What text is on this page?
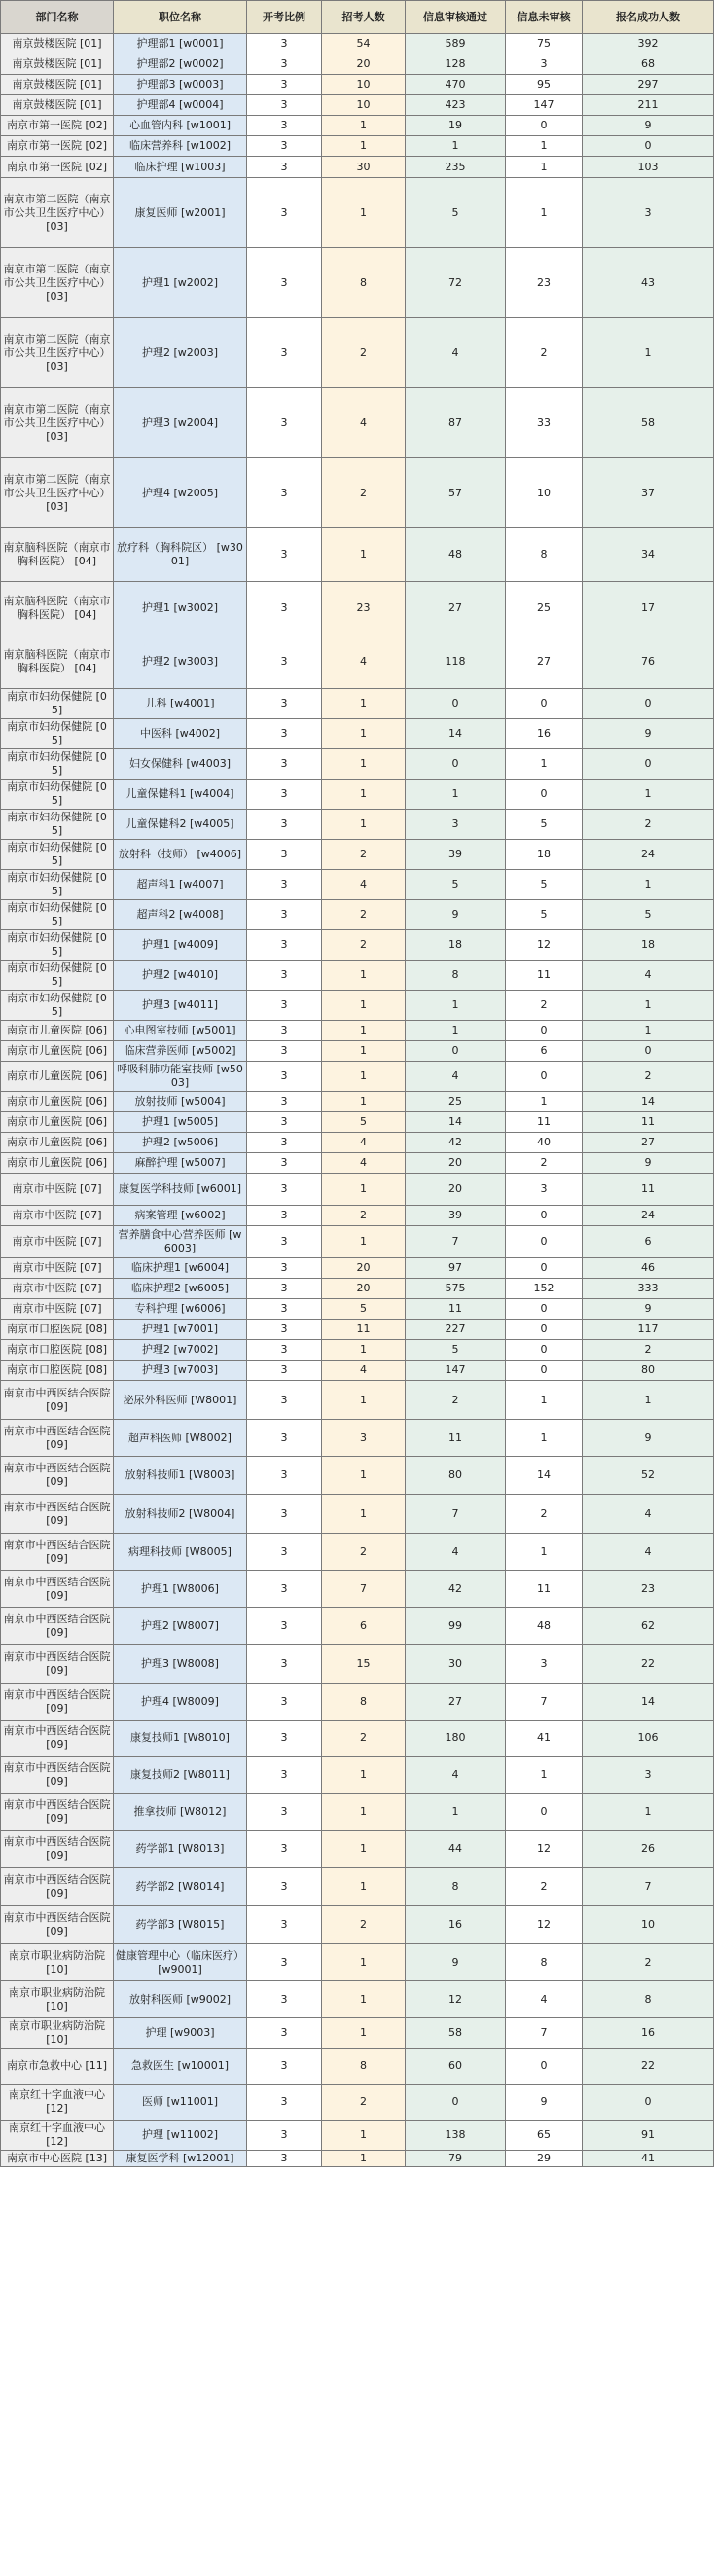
部门名称	职位名称	开考比例	招考人数	信息审核通过	信息未审核	报名成功人数
南京鼓楼医院 [01]	护理部1 [w0001]	3	54	589	75	392
南京鼓楼医院 [01]	护理部2 [w0002]	3	20	128	3	68
南京鼓楼医院 [01]	护理部3 [w0003]	3	10	470	95	297
南京鼓楼医院 [01]	护理部4 [w0004]	3	10	423	147	211
南京市第一医院 [02]	心血管内科 [w1001]	3	1	19	0	9
南京市第一医院 [02]	临床营养科 [w1002]	3	1	1	1	0
南京市第一医院 [02]	临床护理 [w1003]	3	30	235	1	103
南京市第二医院（南京市公共卫生医疗中心） [03]	康复医师 [w2001]	3	1	5	1	3
南京市第二医院（南京市公共卫生医疗中心） [03]	护理1 [w2002]	3	8	72	23	43
南京市第二医院（南京市公共卫生医疗中心） [03]	护理2 [w2003]	3	2	4	2	1
南京市第二医院（南京市公共卫生医疗中心） [03]	护理3 [w2004]	3	4	87	33	58
南京市第二医院（南京市公共卫生医疗中心） [03]	护理4 [w2005]	3	2	57	10	37
南京脑科医院（南京市胸科医院） [04]	放疗科（胸科院区） [w3001]	3	1	48	8	34
南京脑科医院（南京市胸科医院） [04]	护理1 [w3002]	3	23	27	25	17
南京脑科医院（南京市胸科医院） [04]	护理2 [w3003]	3	4	118	27	76
南京市妇幼保健院 [05]	儿科 [w4001]	3	1	0	0	0
南京市妇幼保健院 [05]	中医科 [w4002]	3	1	14	16	9
南京市妇幼保健院 [05]	妇女保健科 [w4003]	3	1	0	1	0
南京市妇幼保健院 [05]	儿童保健科1 [w4004]	3	1	1	0	1
南京市妇幼保健院 [05]	儿童保健科2 [w4005]	3	1	3	5	2
南京市妇幼保健院 [05]	放射科（技师） [w4006]	3	2	39	18	24
南京市妇幼保健院 [05]	超声科1 [w4007]	3	4	5	5	1
南京市妇幼保健院 [05]	超声科2 [w4008]	3	2	9	5	5
南京市妇幼保健院 [05]	护理1 [w4009]	3	2	18	12	18
南京市妇幼保健院 [05]	护理2 [w4010]	3	1	8	11	4
南京市妇幼保健院 [05]	护理3 [w4011]	3	1	1	2	1
南京市儿童医院 [06]	心电图室技师 [w5001]	3	1	1	0	1
南京市儿童医院 [06]	临床营养医师 [w5002]	3	1	0	6	0
南京市儿童医院 [06]	呼吸科肺功能室技师 [w5003]	3	1	4	0	2
南京市儿童医院 [06]	放射技师 [w5004]	3	1	25	1	14
南京市儿童医院 [06]	护理1 [w5005]	3	5	14	11	11
南京市儿童医院 [06]	护理2 [w5006]	3	4	42	40	27
南京市儿童医院 [06]	麻醉护理 [w5007]	3	4	20	2	9
南京市中医院 [07]	康复医学科技师 [w6001]	3	1	20	3	11
南京市中医院 [07]	病案管理 [w6002]	3	2	39	0	24
南京市中医院 [07]	营养膳食中心营养医师 [w6003]	3	1	7	0	6
南京市中医院 [07]	临床护理1 [w6004]	3	20	97	0	46
南京市中医院 [07]	临床护理2 [w6005]	3	20	575	152	333
南京市中医院 [07]	专科护理 [w6006]	3	5	11	0	9
南京市口腔医院 [08]	护理1 [w7001]	3	11	227	0	117
南京市口腔医院 [08]	护理2 [w7002]	3	1	5	0	2
南京市口腔医院 [08]	护理3 [w7003]	3	4	147	0	80
南京市中西医结合医院 [09]	泌尿外科医师 [W8001]	3	1	2	1	1
南京市中西医结合医院 [09]	超声科医师 [W8002]	3	3	11	1	9
南京市中西医结合医院 [09]	放射科技师1 [W8003]	3	1	80	14	52
南京市中西医结合医院 [09]	放射科技师2 [W8004]	3	1	7	2	4
南京市中西医结合医院 [09]	病理科技师 [W8005]	3	2	4	1	4
南京市中西医结合医院 [09]	护理1 [W8006]	3	7	42	11	23
南京市中西医结合医院 [09]	护理2 [W8007]	3	6	99	48	62
南京市中西医结合医院 [09]	护理3 [W8008]	3	15	30	3	22
南京市中西医结合医院 [09]	护理4 [W8009]	3	8	27	7	14
南京市中西医结合医院 [09]	康复技师1 [W8010]	3	2	180	41	106
南京市中西医结合医院 [09]	康复技师2 [W8011]	3	1	4	1	3
南京市中西医结合医院 [09]	推拿技师 [W8012]	3	1	1	0	1
南京市中西医结合医院 [09]	药学部1 [W8013]	3	1	44	12	26
南京市中西医结合医院 [09]	药学部2 [W8014]	3	1	8	2	7
南京市中西医结合医院 [09]	药学部3 [W8015]	3	2	16	12	10
南京市职业病防治院 [10]	健康管理中心（临床医疗） [w9001]	3	1	9	8	2
南京市职业病防治院 [10]	放射科医师 [w9002]	3	1	12	4	8
南京市职业病防治院 [10]	护理 [w9003]	3	1	58	7	16
南京市急救中心 [11]	急救医生 [w10001]	3	8	60	0	22
南京红十字血液中心 [12]	医师 [w11001]	3	2	0	9	0
南京红十字血液中心 [12]	护理 [w11002]	3	1	138	65	91
南京市中心医院 [13]	康复医学科 [w12001]	3	1	79	29	41
